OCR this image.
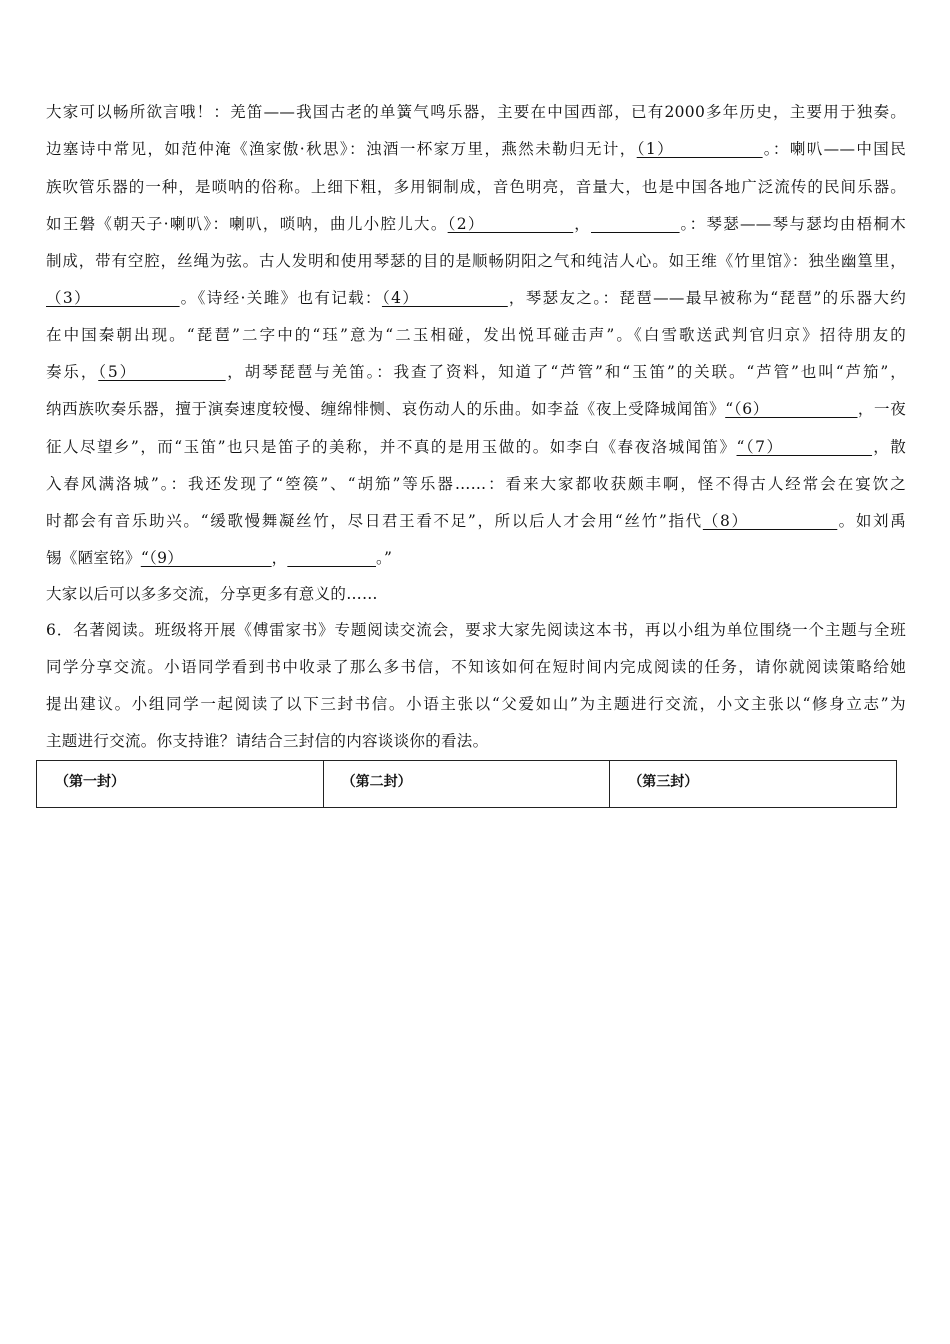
大家可以畅所欲言哦！：羌笛——我国古老的单簧气鸣乐器，主要在中国西部，已有2000多年历史，主要用于独奏。
边塞诗中常见，如范仲淹《渔家傲·秋思》：浊酒一杯家万里，燕然未勒归无计，（1）___________。：喇叭——中国民
族吹管乐器的一种，是唢呐的俗称。上细下粗，多用铜制成，音色明亮，音量大，也是中国各地广泛流传的民间乐器。
如王磐《朝天子·喇叭》：喇叭，唢呐，曲儿小腔儿大。（2）___________，___________。：琴瑟——琴与瑟均由梧桐木
制成，带有空腔，丝绳为弦。古人发明和使用琴瑟的目的是顺畅阴阳之气和纯洁人心。如王维《竹里馆》：独坐幽篁里，
（3）___________。《诗经·关雎》也有记载：（4）___________，琴瑟友之。：琵琶——最早被称为“琵琶”的乐器大约
在中国秦朝出现。“琵琶”二字中的“珏”意为“二玉相碰，发出悦耳碰击声”。《白雪歌送武判官归京》招待朋友的
奏乐，（5）___________，胡琴琵琶与羌笛。：我查了资料，知道了“芦管”和“玉笛”的关联。“芦管”也叫“芦笳”，
纳西族吹奏乐器，擅于演奏速度较慢、缠绵悱恻、哀伤动人的乐曲。如李益《夜上受降城闻笛》“（6）___________，一夜
征人尽望乡”，而“玉笛”也只是笛子的美称，并不真的是用玉做的。如李白《春夜洛城闻笛》“（7）___________，散
入春风满洛城”。：我还发现了“箜篌”、“胡笳”等乐器……：看来大家都收获颇丰啊，怪不得古人经常会在宴饮之
时都会有音乐助兴。“缓歌慢舞凝丝竹，尽日君王看不足”，所以后人才会用“丝竹”指代（8）___________。如刘禹
锡《陋室铭》“（9）___________，___________。”
大家以后可以多多交流，分享更多有意义的……
6．名著阅读。班级将开展《傅雷家书》专题阅读交流会，要求大家先阅读这本书，再以小组为单位围绕一个主题与全班
同学分享交流。小语同学看到书中收录了那么多书信，不知该如何在短时间内完成阅读的任务，请你就阅读策略给她
提出建议。小组同学一起阅读了以下三封书信。小语主张以“父爱如山”为主题进行交流，小文主张以“修身立志”为
主题进行交流。你支持谁？请结合三封信的内容谈谈你的看法。
（第一封）	（第二封）	（第三封）
